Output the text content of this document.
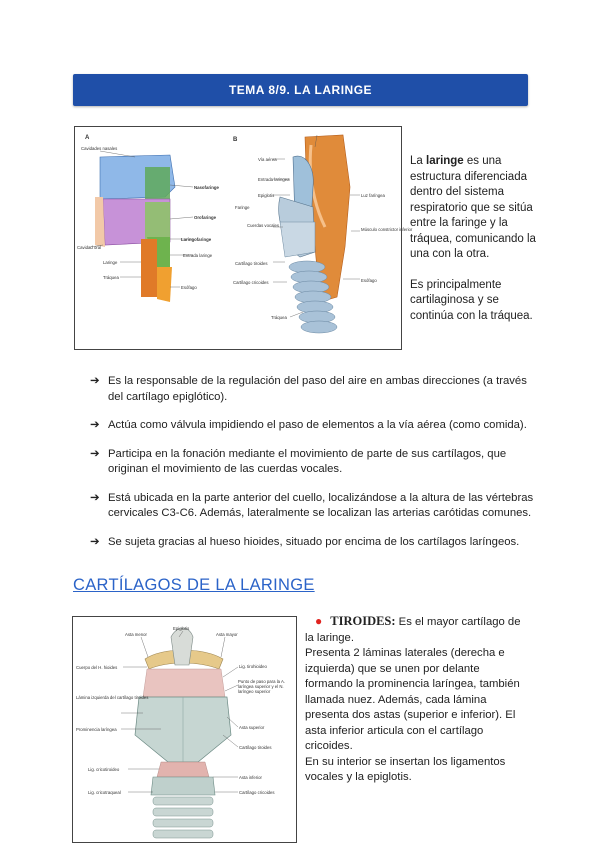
TEMA 8/9. LA LARINGE
A	B
Cavidades nasales
Nasofaringe
Orofaringe
Laringofaringe
Entrada laringe
Cavidad oral
Laringe
Tráquea
Esófago
Vía aérea
Entrada laringea
Epiglotis
Cuerdas vocales
Cartílago tiroides
Cartílago cricoides
Tráquea
Faringe
Luz faríngea
Músculo constrictor inferior
Esófago

La laringe es una estructura diferenciada dentro del sistema respiratorio que se sitúa entre la faringe y la tráquea, comunicando la una con la otra.

Es principalmente cartilaginosa y se continúa con la tráquea.

➔ Es la responsable de la regulación del paso del aire en ambas direcciones (a través del cartílago epiglótico).
➔ Actúa como válvula impidiendo el paso de elementos a la vía aérea (como comida).
➔ Participa en la fonación mediante el movimiento de parte de sus cartílagos, que originan el movimiento de las cuerdas vocales.
➔ Está ubicada en la parte anterior del cuello, localizándose a la altura de las vértebras cervicales C3-C6. Además, lateralmente se localizan las arterias carótidas comunes.
➔ Se sujeta gracias al hueso hioides, situado por encima de los cartílagos laríngeos.
CARTÍLAGOS DE LA LARINGE
Asta menor
Cuerpo del H. hioides
Lámina izquierda del cartílago tiroides
Prominencia laríngea
Lig. cricotiroideo
Lig. cricotraqueal
Epiglotis
Asta mayor
Lig. tirohioideo
Punto de paso para la A. laríngea superior y el N. laríngeo superior
Asta superior
Cartílago tiroides
Asta inferior
Cartílago cricoides
● TIROIDES: Es el mayor cartílago de la laringe.
Presenta 2 láminas laterales (derecha e izquierda) que se unen por delante formando la prominencia laríngea, también llamada nuez. Además, cada lámina presenta dos astas (superior e inferior). El asta inferior articula con el cartílago cricoides.
En su interior se insertan los ligamentos vocales y la epiglotis.
